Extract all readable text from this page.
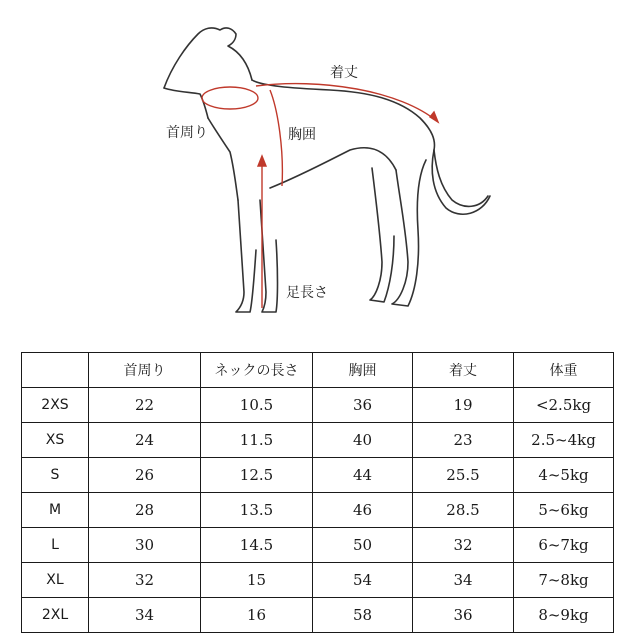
着丈
首周り	胸囲
足長さ
	首周り	ネックの長さ	胸囲	着丈	体重
2XS	22	10.5	36	19	<2.5kg
XS	24	11.5	40	23	2.5~4kg
S	26	12.5	44	25.5	4~5kg
M	28	13.5	46	28.5	5~6kg
L	30	14.5	50	32	6~7kg
XL	32	15	54	34	7~8kg
2XL	34	16	58	36	8~9kg
